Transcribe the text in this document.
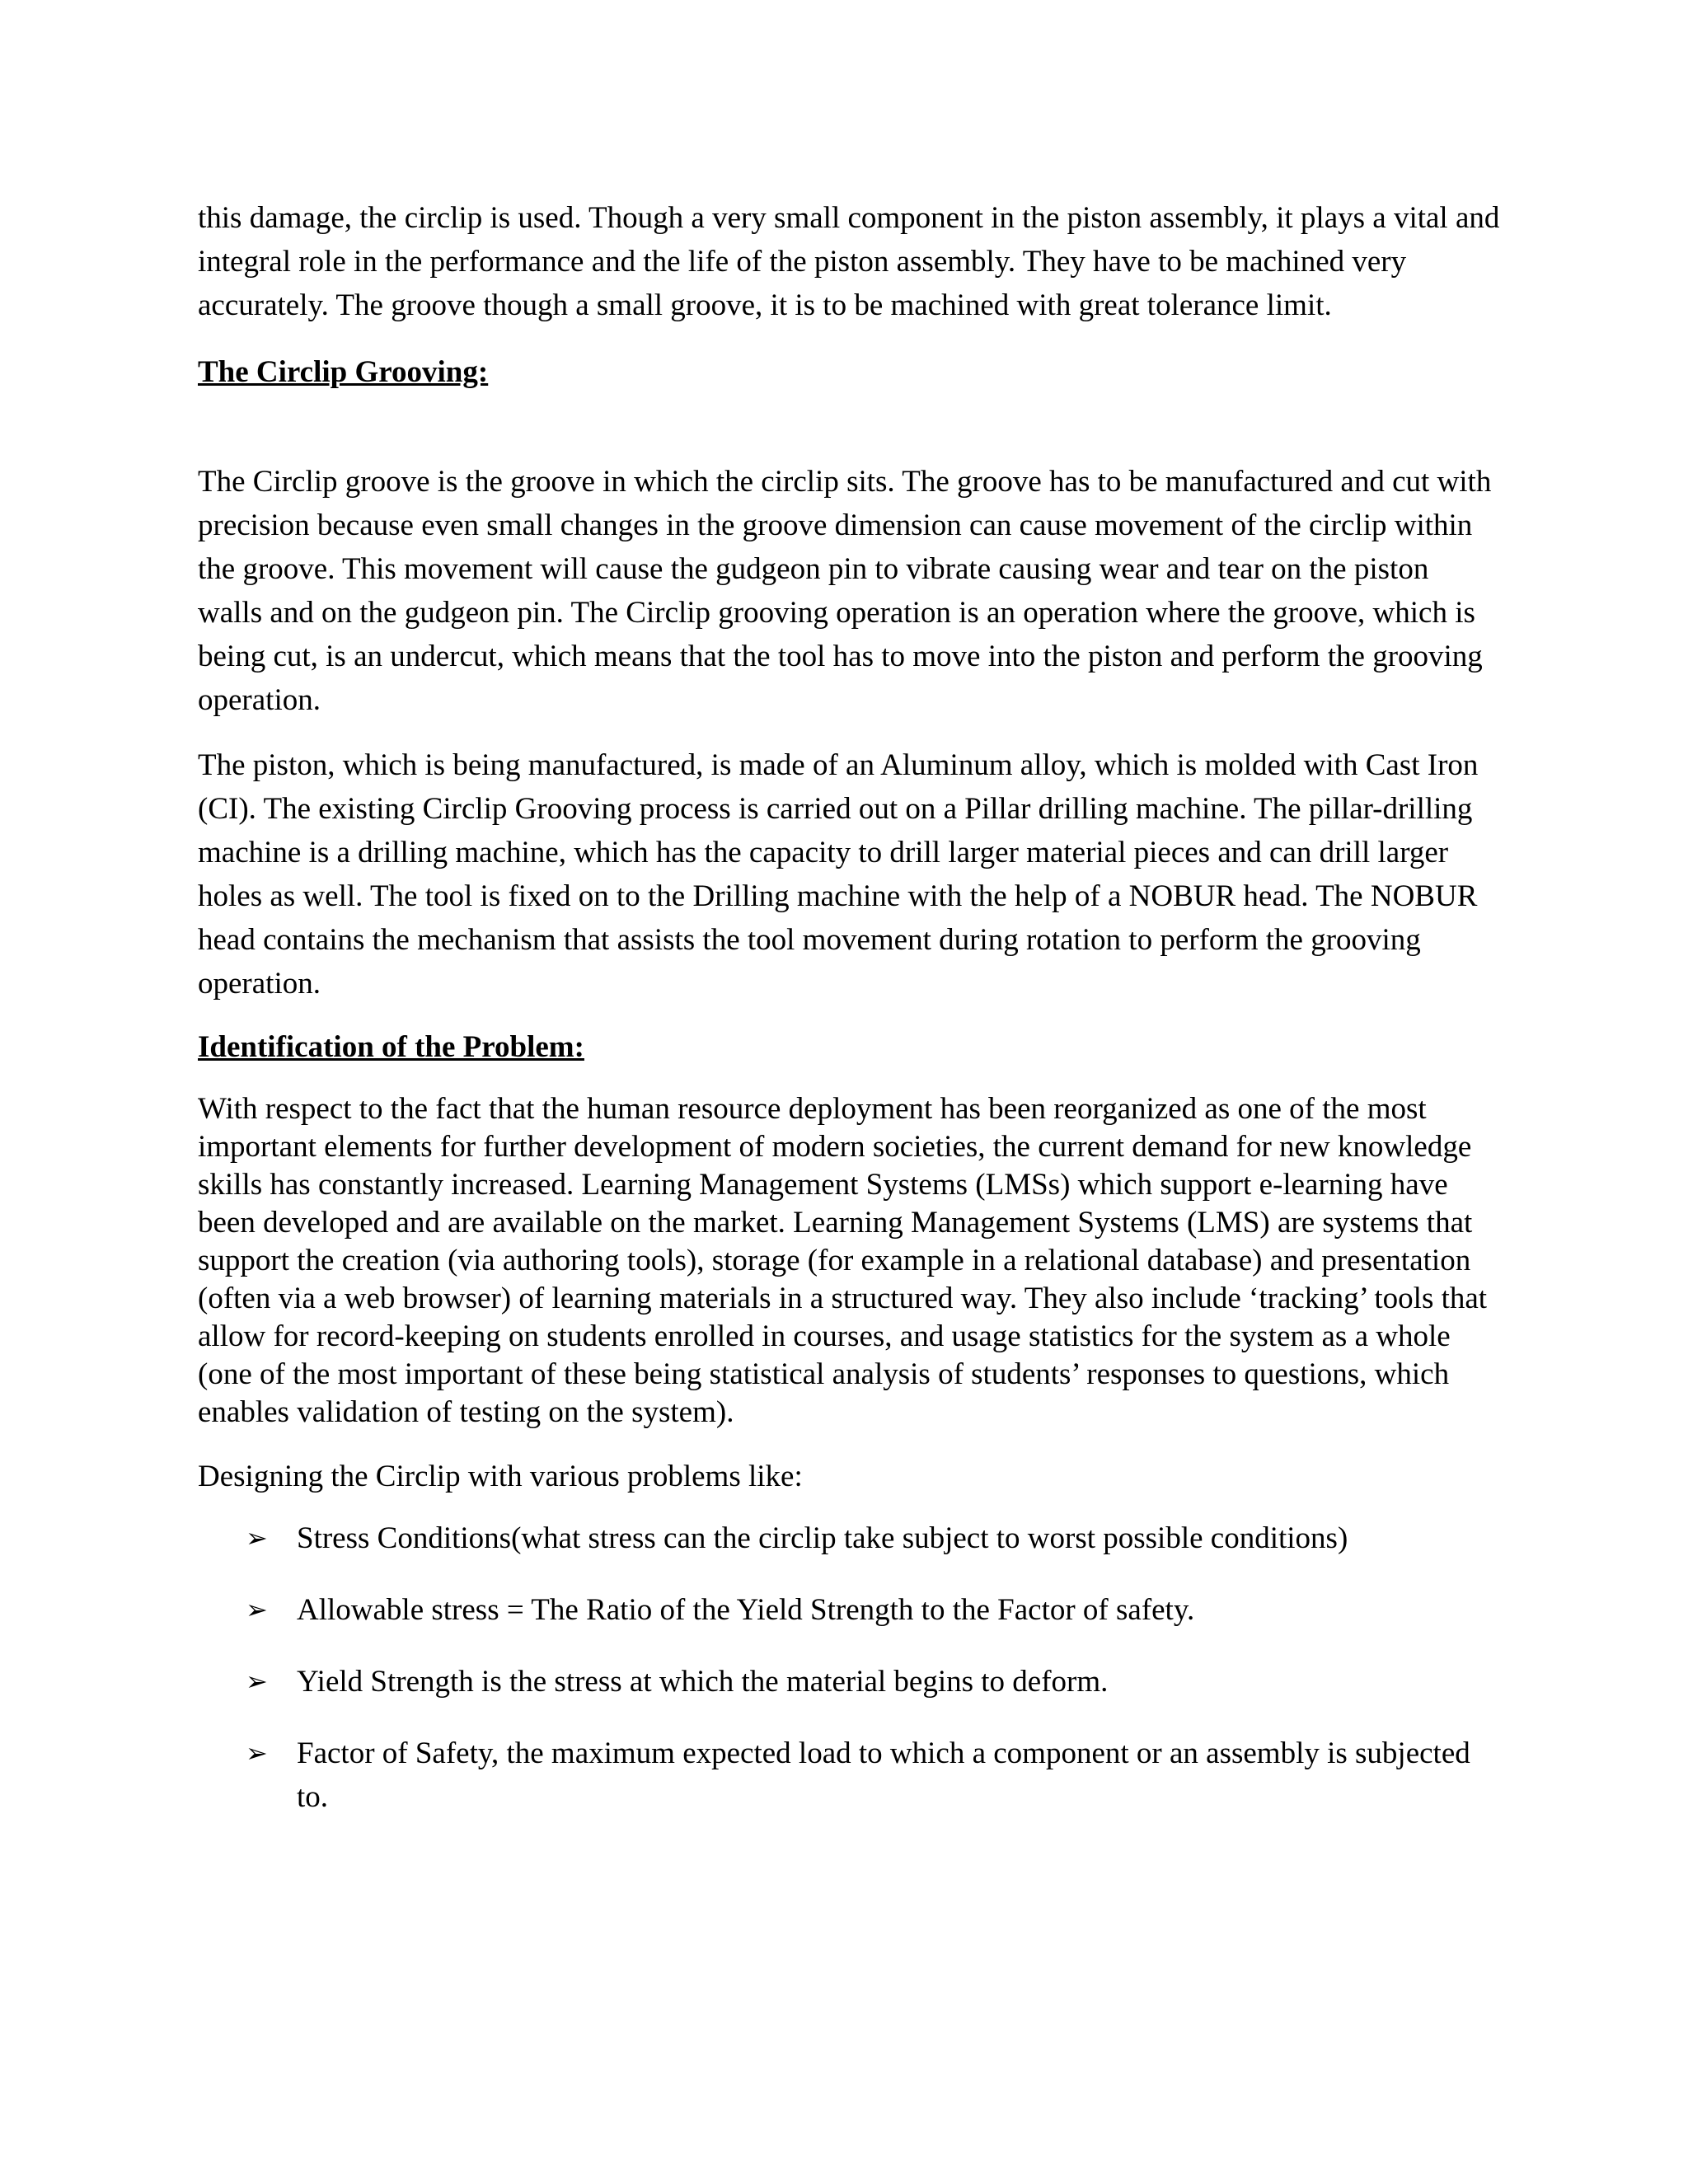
this damage, the circlip is used. Though a very small component in the piston assembly, it plays a vital and integral role in the performance and the life of the piston assembly. They have to be machined very accurately. The groove though a small groove, it is to be machined with great tolerance limit.

The Circlip Grooving:

The Circlip groove is the groove in which the circlip sits. The groove has to be manufactured and cut with precision because even small changes in the groove dimension can cause movement of the circlip within the groove. This movement will cause the gudgeon pin to vibrate causing wear and tear on the piston walls and on the gudgeon pin. The Circlip grooving operation is an operation where the groove, which is being cut, is an undercut, which means that the tool has to move into the piston and perform the grooving operation.

The piston, which is being manufactured, is made of an Aluminum alloy, which is molded with Cast Iron (CI). The existing Circlip Grooving process is carried out on a Pillar drilling machine. The pillar-drilling machine is a drilling machine, which has the capacity to drill larger material pieces and can drill larger holes as well. The tool is fixed on to the Drilling machine with the help of a NOBUR head. The NOBUR head contains the mechanism that assists the tool movement during rotation to perform the grooving operation.

Identification of the Problem:

With respect to the fact that the human resource deployment has been reorganized as one of the most important elements for further development of modern societies, the current demand for new knowledge skills has constantly increased. Learning Management Systems (LMSs) which support e-learning have been developed and are available on the market. Learning Management Systems (LMS) are systems that support the creation (via authoring tools), storage (for example in a relational database) and presentation (often via a web browser) of learning materials in a structured way. They also include ‘tracking’ tools that allow for record-keeping on students enrolled in courses, and usage statistics for the system as a whole (one of the most important of these being statistical analysis of students’ responses to questions, which enables validation of testing on the system).

Designing the Circlip with various problems like:

➢ Stress Conditions(what stress can the circlip take subject to worst possible conditions)
➢ Allowable stress = The Ratio of the Yield Strength to the Factor of safety.
➢ Yield Strength is the stress at which the material begins to deform.
➢ Factor of Safety, the maximum expected load to which a component or an assembly is subjected to.
